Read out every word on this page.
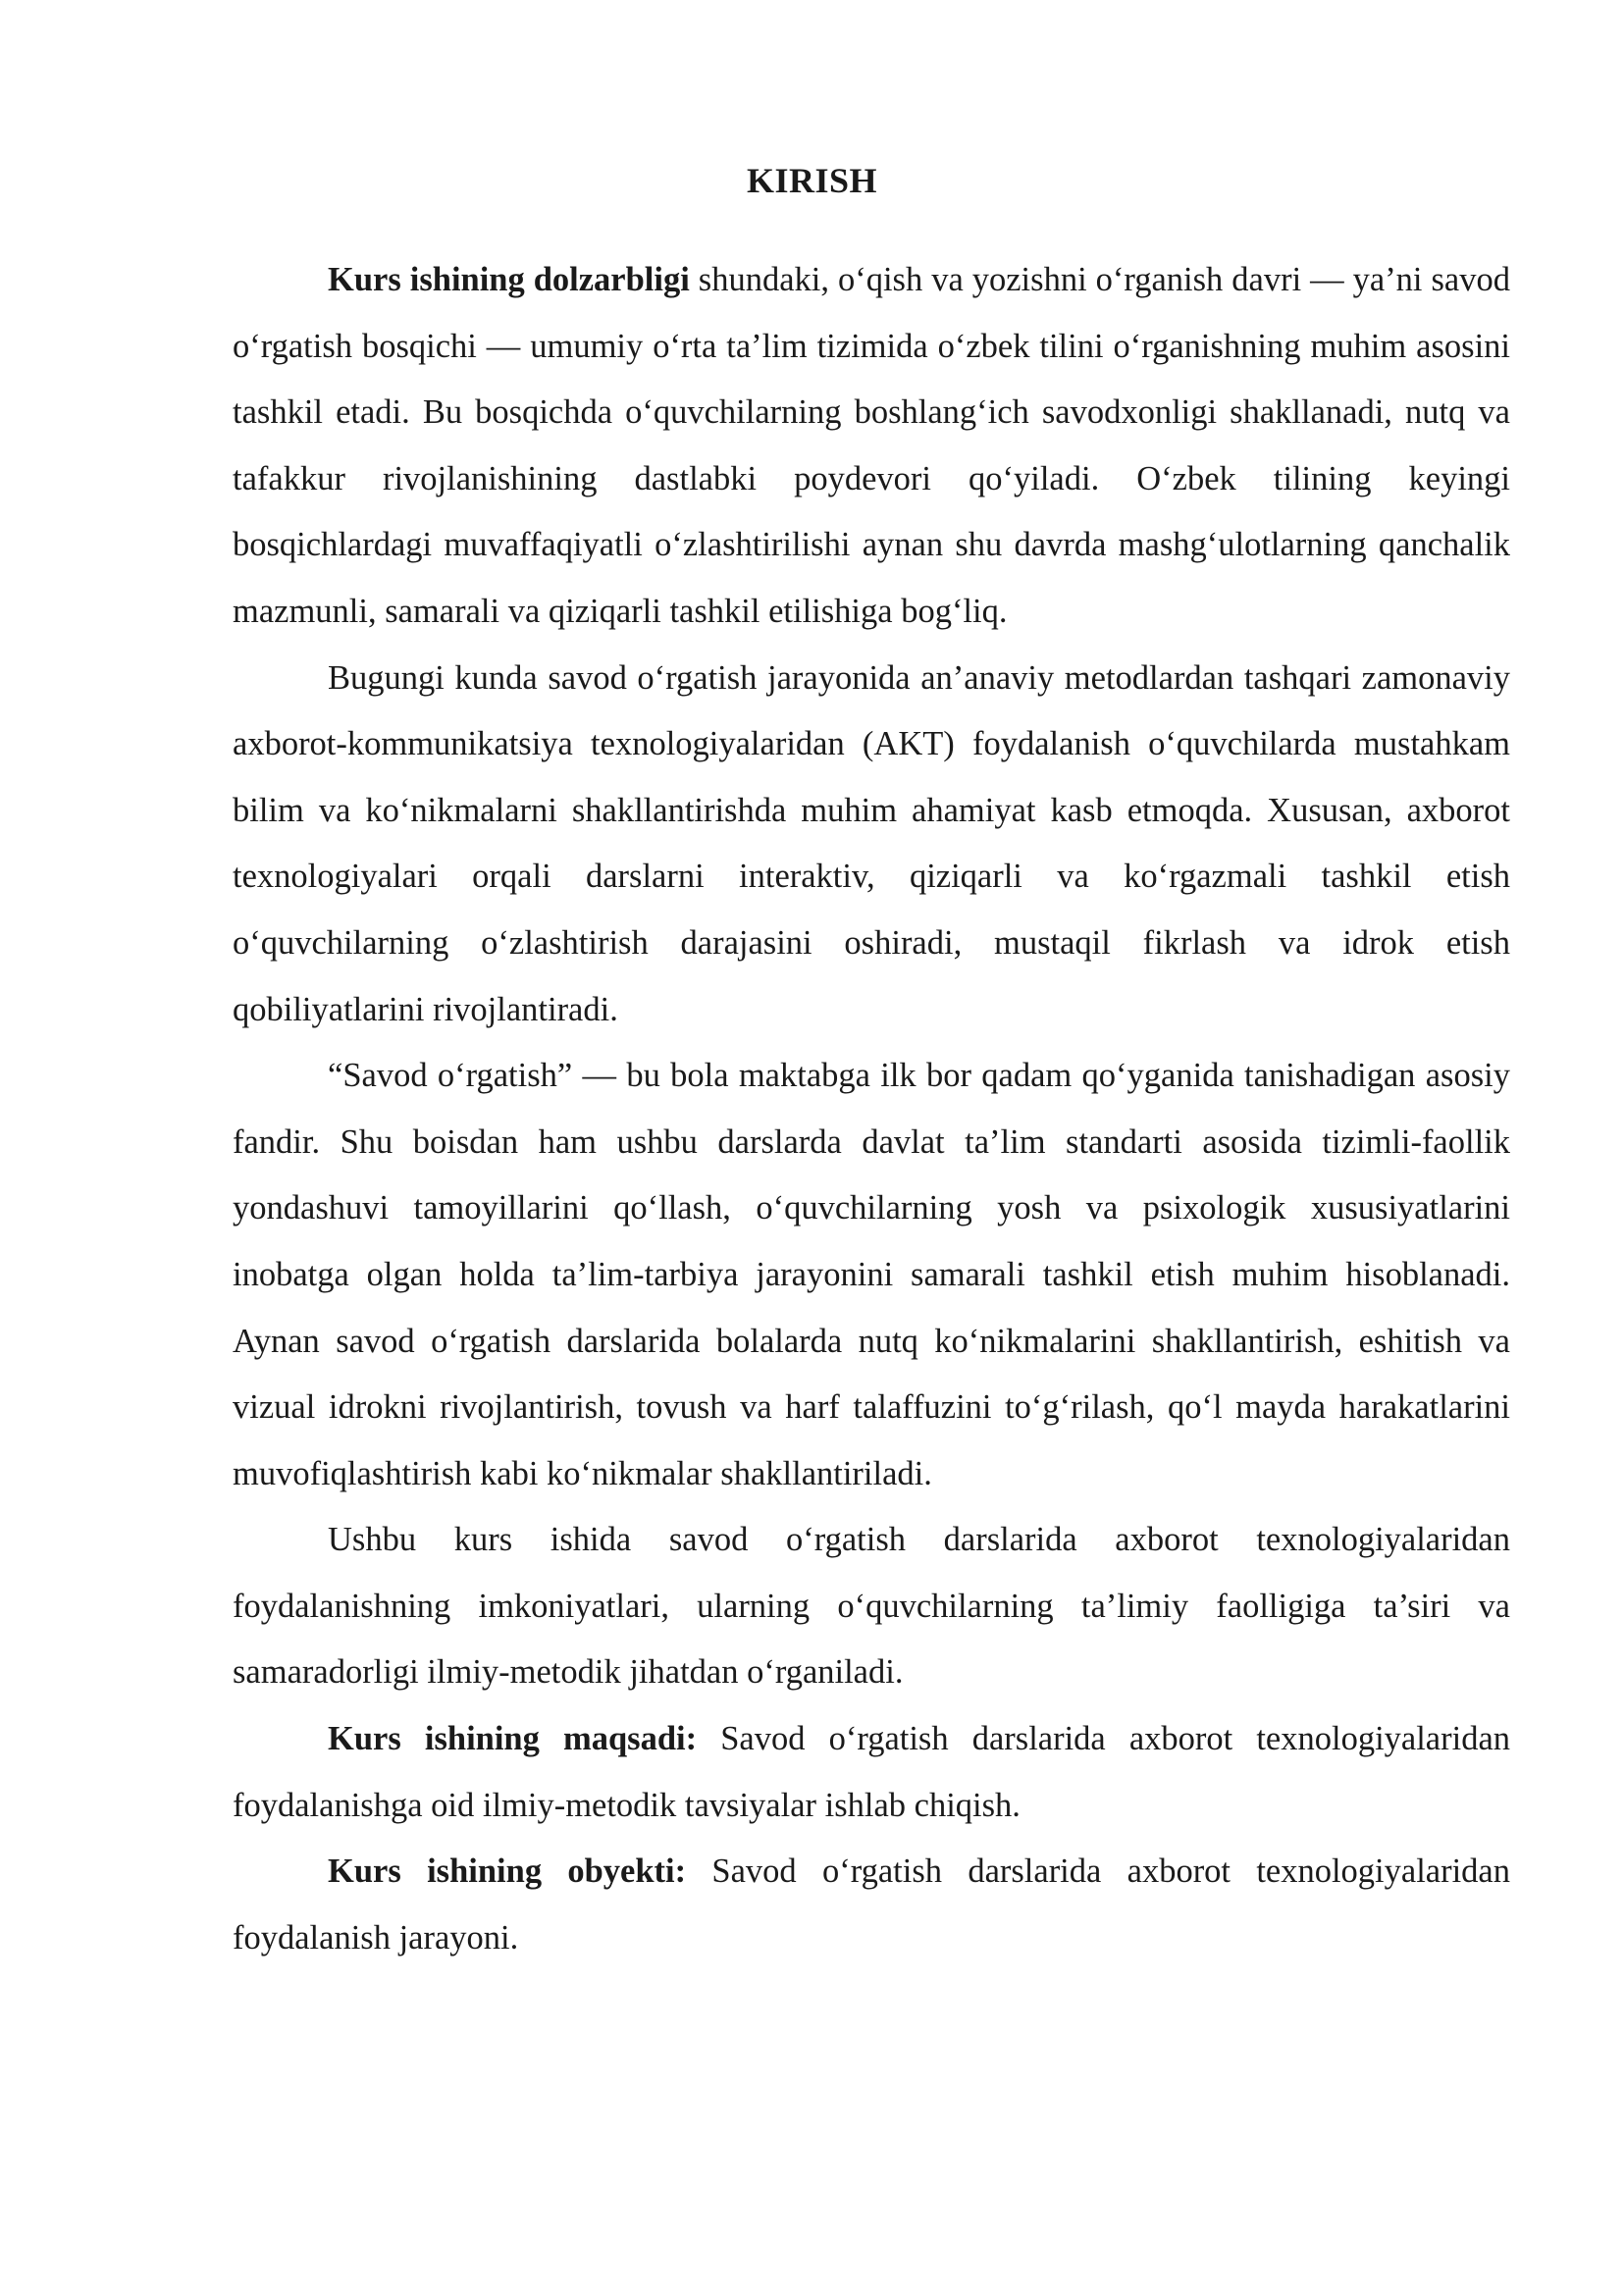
KIRISH

Kurs ishining dolzarbligi shundaki, o‘qish va yozishni o‘rganish davri — ya’ni savod o‘rgatish bosqichi — umumiy o‘rta ta’lim tizimida o‘zbek tilini o‘rganishning muhim asosini tashkil etadi. Bu bosqichda o‘quvchilarning boshlang‘ich savodxonligi shakllanadi, nutq va tafakkur rivojlanishining dastlabki poydevori qo‘yiladi. O‘zbek tilining keyingi bosqichlardagi muvaffaqiyatli o‘zlashtirilishi aynan shu davrda mashg‘ulotlarning qanchalik mazmunli, samarali va qiziqarli tashkil etilishiga bog‘liq.

Bugungi kunda savod o‘rgatish jarayonida an’anaviy metodlardan tashqari zamonaviy axborot-kommunikatsiya texnologiyalaridan (AKT) foydalanish o‘quvchilarda mustahkam bilim va ko‘nikmalarni shakllantirishda muhim ahamiyat kasb etmoqda. Xususan, axborot texnologiyalari orqali darslarni interaktiv, qiziqarli va ko‘rgazmali tashkil etish o‘quvchilarning o‘zlashtirish darajasini oshiradi, mustaqil fikrlash va idrok etish qobiliyatlarini rivojlantiradi.

“Savod o‘rgatish” — bu bola maktabga ilk bor qadam qo‘yganida tanishadigan asosiy fandir. Shu boisdan ham ushbu darslarda davlat ta’lim standarti asosida tizimli-faollik yondashuvi tamoyillarini qo‘llash, o‘quvchilarning yosh va psixologik xususiyatlarini inobatga olgan holda ta’lim-tarbiya jarayonini samarali tashkil etish muhim hisoblanadi. Aynan savod o‘rgatish darslarida bolalarda nutq ko‘nikmalarini shakllantirish, eshitish va vizual idrokni rivojlantirish, tovush va harf talaffuzini to‘g‘rilash, qo‘l mayda harakatlarini muvofiqlashtirish kabi ko‘nikmalar shakllantiriladi.

Ushbu kurs ishida savod o‘rgatish darslarida axborot texnologiyalaridan foydalanishning imkoniyatlari, ularning o‘quvchilarning ta’limiy faolligiga ta’siri va samaradorligi ilmiy-metodik jihatdan o‘rganiladi.

Kurs ishining maqsadi: Savod o‘rgatish darslarida axborot texnologiyalaridan foydalanishga oid ilmiy-metodik tavsiyalar ishlab chiqish.

Kurs ishining obyekti: Savod o‘rgatish darslarida axborot texnologiyalaridan foydalanish jarayoni.
